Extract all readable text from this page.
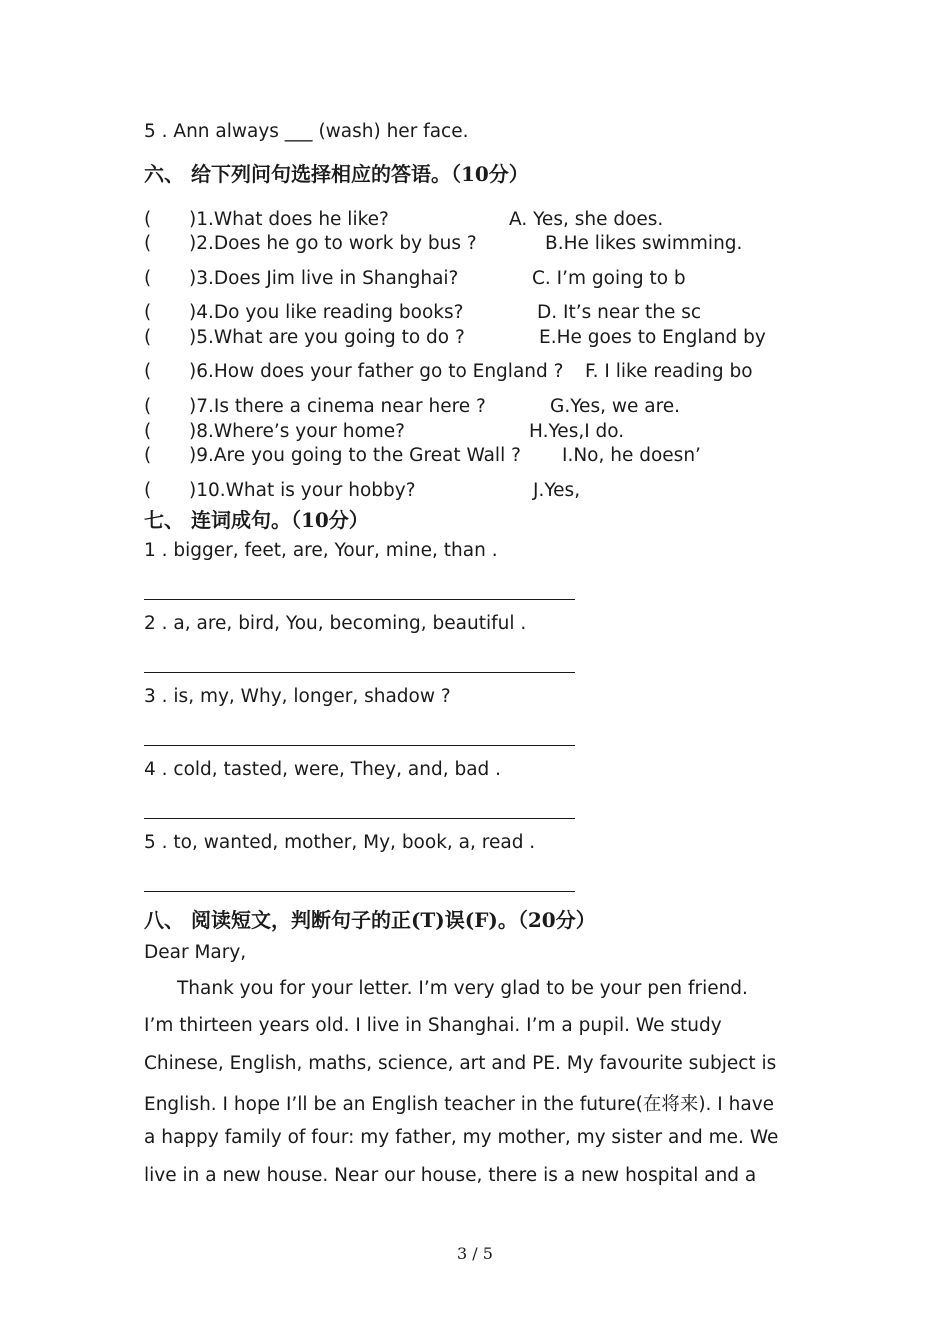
5 . Ann always ___ (wash) her face.
六、 给下列问句选择相应的答语。（10分）
( )1.What does he like?	A. Yes, she does.
( )2.Does he go to work by bus ?	B.He likes swimming.
( )3.Does Jim live in Shanghai?	C. I’m going to b
( )4.Do you like reading books?	D. It’s near the sc
( )5.What are you going to do ?	E.He goes to England by
( )6.How does your father go to England ? F. I like reading bo
( )7.Is there a cinema near here ?	G.Yes, we are.
( )8.Where’s your home?	H.Yes,I do.
( )9.Are you going to the Great Wall ? I.No, he doesn’
( )10.What is your hobby?	J.Yes,
七、 连词成句。（10分）
1 . bigger, feet, are, Your, mine, than .
2 . a, are, bird, You, becoming, beautiful .
3 . is, my, Why, longer, shadow ?
4 . cold, tasted, were, They, and, bad .
5 . to, wanted, mother, My, book, a, read .
八、 阅读短文，判断句子的正(T)误(F)。（20分）
Dear Mary,
Thank you for your letter. I’m very glad to be your pen friend.
I’m thirteen years old. I live in Shanghai. I’m a pupil. We study
Chinese, English, maths, science, art and PE. My favourite subject is
English. I hope I’ll be an English teacher in the future(在将来). I have
a happy family of four: my father, my mother, my sister and me. We
live in a new house. Near our house, there is a new hospital and a
3 / 5
